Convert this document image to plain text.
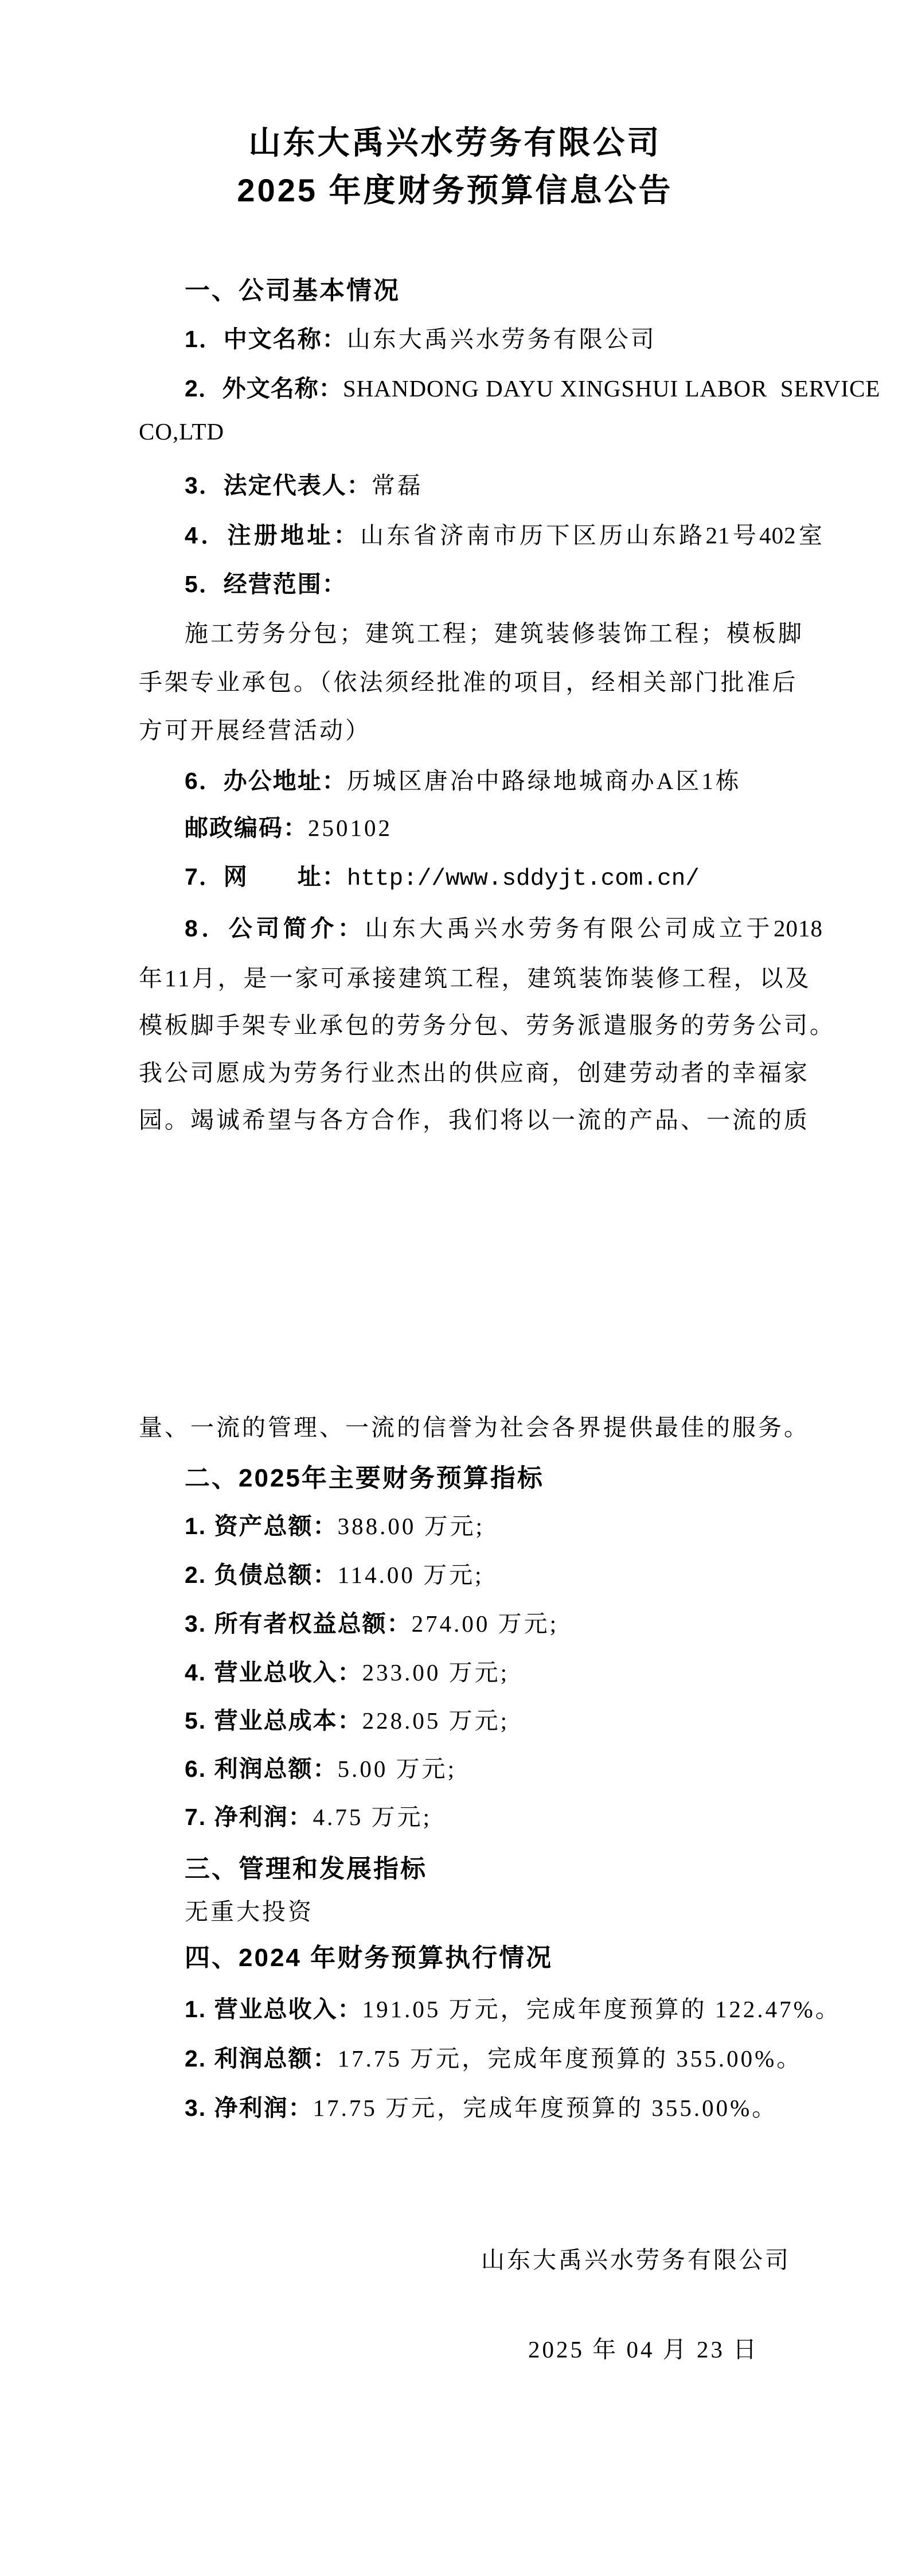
山东大禹兴水劳务有限公司
2025 年度财务预算信息公告
一、公司基本情况
1．中文名称：山东大禹兴水劳务有限公司
2．外文名称：SHANDONG DAYU XINGSHUI LABOR  SERVICE
CO,LTD
3．法定代表人：常磊
4．注册地址：山东省济南市历下区历山东路21号402室
5．经营范围：
施工劳务分包；建筑工程；建筑装修装饰工程；模板脚
手架专业承包。（依法须经批准的项目，经相关部门批准后
方可开展经营活动）
6．办公地址：历城区唐冶中路绿地城商办A区1栋
邮政编码：250102
7．网　　址：http://www.sddyjt.com.cn/
8．公司简介：山东大禹兴水劳务有限公司成立于2018
年11月，是一家可承接建筑工程，建筑装饰装修工程，以及
模板脚手架专业承包的劳务分包、劳务派遣服务的劳务公司。
我公司愿成为劳务行业杰出的供应商，创建劳动者的幸福家
园。竭诚希望与各方合作，我们将以一流的产品、一流的质
量、一流的管理、一流的信誉为社会各界提供最佳的服务。
二、2025年主要财务预算指标
1. 资产总额：388.00 万元;
2. 负债总额：114.00 万元;
3. 所有者权益总额：274.00 万元;
4. 营业总收入：233.00 万元;
5. 营业总成本：228.05 万元;
6. 利润总额：5.00 万元;
7. 净利润：4.75 万元;
三、管理和发展指标
无重大投资
四、2024 年财务预算执行情况
1. 营业总收入：191.05 万元，完成年度预算的 122.47%。
2. 利润总额：17.75 万元，完成年度预算的 355.00%。
3. 净利润：17.75 万元，完成年度预算的 355.00%。
山东大禹兴水劳务有限公司
2025 年 04 月 23 日
